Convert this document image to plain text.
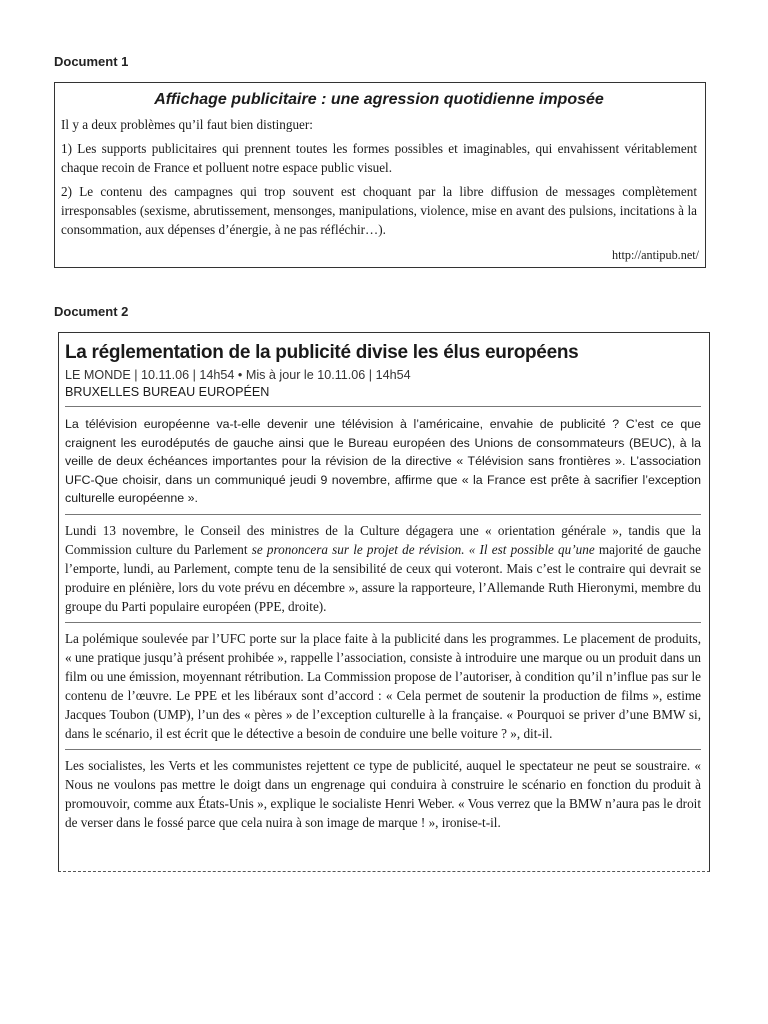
Document 1
Affichage publicitaire : une agression quotidienne imposée

Il y a deux problèmes qu’il faut bien distinguer:

1) Les supports publicitaires qui prennent toutes les formes possibles et imaginables, qui envahissent véritablement chaque recoin de France et polluent notre espace public visuel.

2) Le contenu des campagnes qui trop souvent est choquant par la libre diffusion de messages complètement irresponsables (sexisme, abrutissement, mensonges, manipulations, violence, mise en avant des pulsions, incitations à la consommation, aux dépenses d’énergie, à ne pas réfléchir…).

http://antipub.net/
Document 2
La réglementation de la publicité divise les élus européens
LE MONDE | 10.11.06 | 14h54 • Mis à jour le 10.11.06 | 14h54
BRUXELLES BUREAU EUROPÉEN

La télévision européenne va-t-elle devenir une télévision à l’américaine, envahie de publicité ? C’est ce que craignent les eurodéputés de gauche ainsi que le Bureau européen des Unions de consommateurs (BEUC), à la veille de deux échéances importantes pour la révision de la directive « Télévision sans frontières ». L’association UFC-Que choisir, dans un communiqué jeudi 9 novembre, affirme que « la France est prête à sacrifier l’exception culturelle européenne ».

Lundi 13 novembre, le Conseil des ministres de la Culture dégagera une « orientation générale », tandis que la Commission culture du Parlement se prononcera sur le projet de révision. « Il est possible qu’une majorité de gauche l’emporte, lundi, au Parlement, compte tenu de la sensibilité de ceux qui voteront. Mais c’est le contraire qui devrait se produire en plénière, lors du vote prévu en décembre », assure la rapporteure, l’Allemande Ruth Hieronymi, membre du groupe du Parti populaire européen (PPE, droite).

La polémique soulevée par l’UFC porte sur la place faite à la publicité dans les programmes. Le placement de produits, « une pratique jusqu’à présent prohibée », rappelle l’association, consiste à introduire une marque ou un produit dans un film ou une émission, moyennant rétribution. La Commission propose de l’autoriser, à condition qu’il n’influe pas sur le contenu de l’œuvre. Le PPE et les libéraux sont d’accord : « Cela permet de soutenir la production de films », estime Jacques Toubon (UMP), l’un des « pères » de l’exception culturelle à la française. « Pourquoi se priver d’une BMW si, dans le scénario, il est écrit que le détective a besoin de conduire une belle voiture ? », dit-il.

Les socialistes, les Verts et les communistes rejettent ce type de publicité, auquel le spectateur ne peut se soustraire. « Nous ne voulons pas mettre le doigt dans un engrenage qui conduira à construire le scénario en fonction du produit à promouvoir, comme aux États-Unis », explique le socialiste Henri Weber. « Vous verrez que la BMW n’aura pas le droit de verser dans le fossé parce que cela nuira à son image de marque ! », ironise-t-il.
